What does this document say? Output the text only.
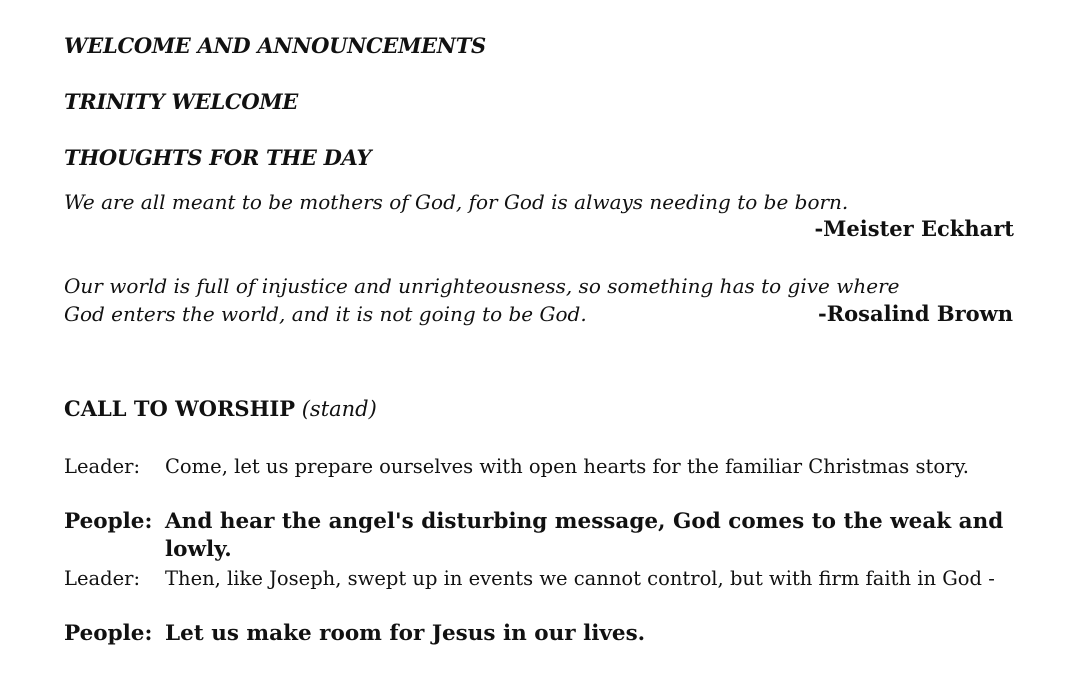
WELCOME AND ANNOUNCEMENTS
TRINITY WELCOME
THOUGHTS FOR THE DAY
We are all meant to be mothers of God, for God is always needing to be born.
-Meister Eckhart
Our world is full of injustice and unrighteousness, so something has to give where
God enters the world, and it is not going to be God.	-Rosalind Brown
CALL TO WORSHIP (stand)
Leader:	Come, let us prepare ourselves with open hearts for the familiar Christmas story.
People: And hear the angel's disturbing message, God comes to the weak and lowly.
Leader:	Then, like Joseph, swept up in events we cannot control, but with firm faith in God -
People: Let us make room for Jesus in our lives.
